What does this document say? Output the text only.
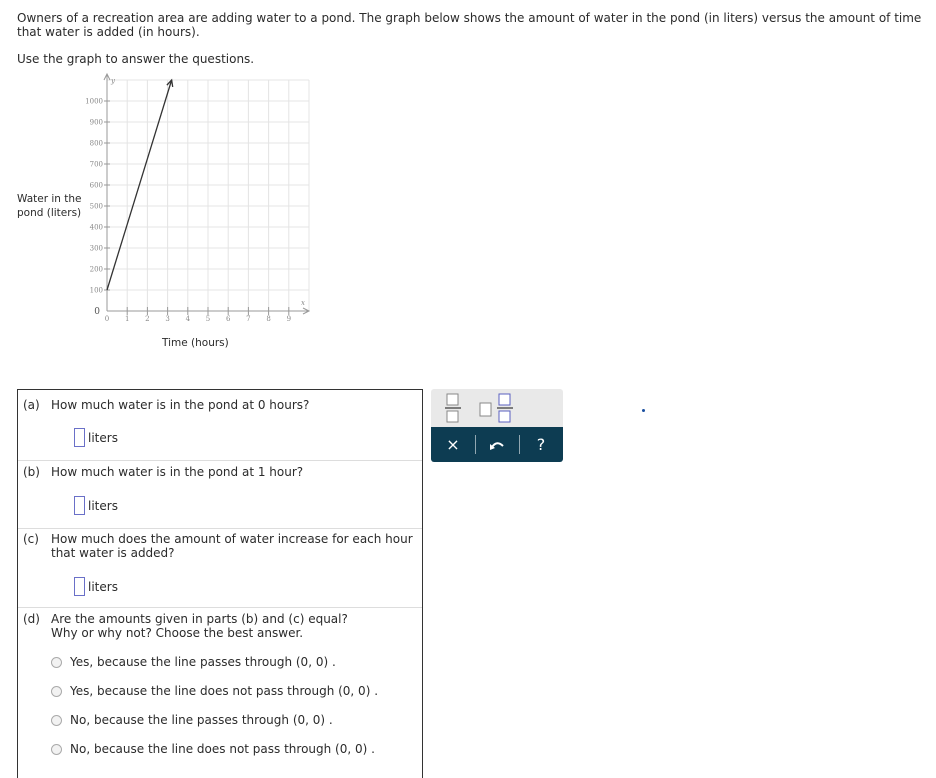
Owners of a recreation area are adding water to a pond. The graph below shows the amount of water in the pond (in liters) versus the amount of time that water is added (in hours).
Use the graph to answer the questions.
y
x
100
200
300
400
500
600
700
800
900
1000
0
0 1 2 3 4 5 6 7 8 9
Water in the pond (liters)
Time (hours)
(a) How much water is in the pond at 0 hours?
liters
(b) How much water is in the pond at 1 hour?
liters
(c) How much does the amount of water increase for each hour
that water is added?
liters
(d) Are the amounts given in parts (b) and (c) equal?
Why or why not? Choose the best answer.
Yes, because the line passes through (0, 0) .
Yes, because the line does not pass through (0, 0) .
No, because the line passes through (0, 0) .
No, because the line does not pass through (0, 0) .
×	?
